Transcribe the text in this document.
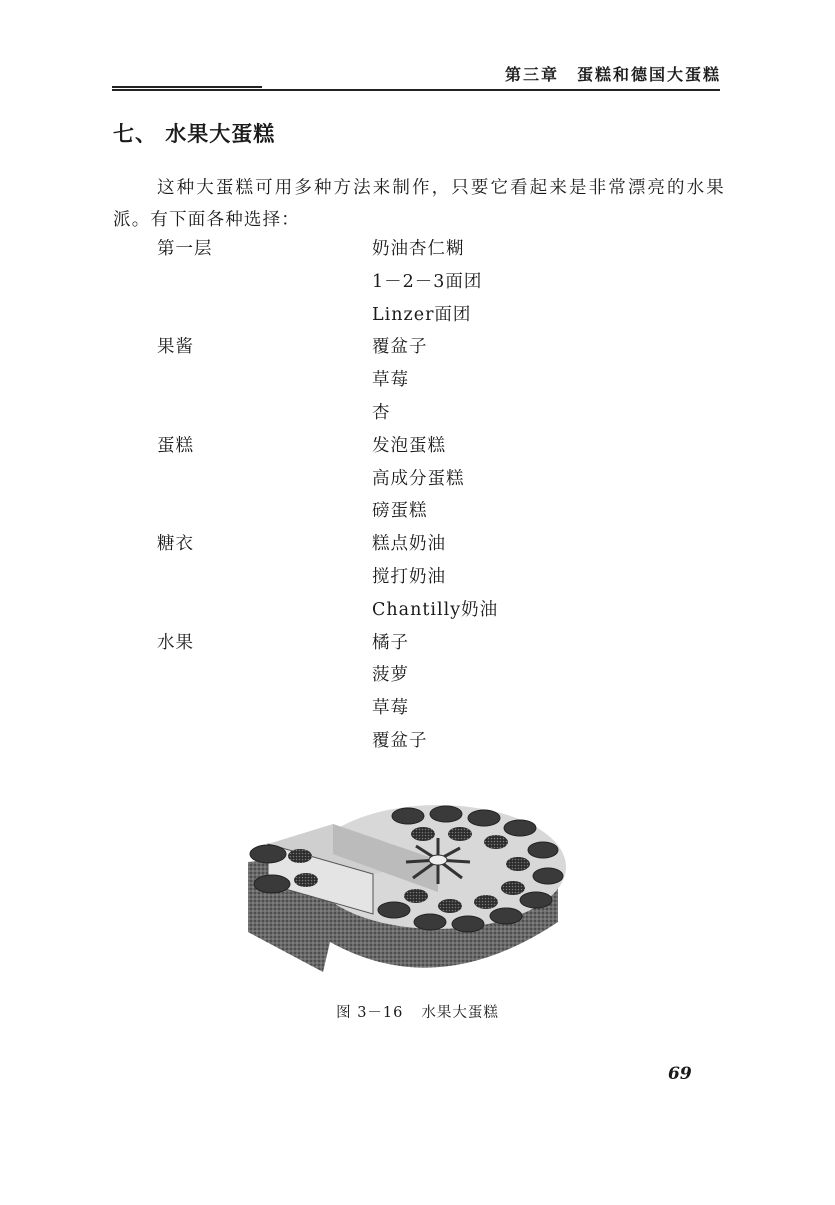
第三章 蛋糕和德国大蛋糕
七、 水果大蛋糕
这种大蛋糕可用多种方法来制作，只要它看起来是非常漂亮的水果派。有下面各种选择：
第一层	奶油杏仁糊
1－2－3面团
Linzer面团
果酱	覆盆子
草莓
杏
蛋糕	发泡蛋糕
高成分蛋糕
磅蛋糕
糖衣	糕点奶油
搅打奶油
Chantilly奶油
水果	橘子
菠萝
草莓
覆盆子
图 3－16 水果大蛋糕
69
